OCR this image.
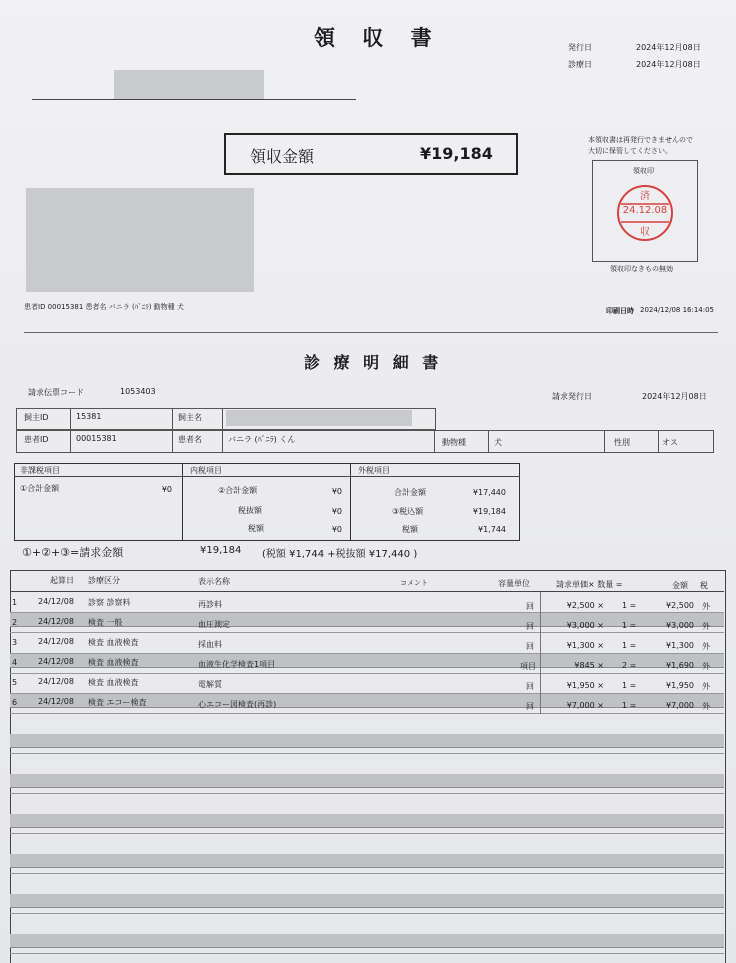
領 収 書	発行日	2024年12月08日
診療日	2024年12月08日
領収金額	¥19,184
本領収書は再発行できませんので
大切に保管してください。
領収印
済
24.12.08
収
領収印なきもの無効
患者ID 00015381 患者名 バニラ (ﾊﾞﾆﾗ) 動物種 犬	印刷日時 2024/12/08 16:14:05
診 療 明 細 書
請求伝票コード	1053403
請求発行日	2024年12月08日
飼主ID	15381	飼主名
患者ID	00015381	患者名	バニラ (ﾊﾞﾆﾗ) くん	動物種	犬	性別	オス
非課税項目
①合計金額	¥0
内税項目
②合計金額	¥0
税抜額	¥0
税額	¥0
外税項目
合計金額	¥17,440
③税込額	¥19,184
税額	¥1,744
①+②+③=請求金額	¥19,184 (税額 ¥1,744 +税抜額 ¥17,440 )
起算日 診療区分	表示名称	コメント	容量単位	請求単価× 数量 =	金額 税
1	24/12/08 診察 診察料	再診料	回	¥2,500 × 1 =	¥2,500 外
2	24/12/08 検査 一般	血圧測定	回	¥3,000 × 1 =	¥3,000 外
3	24/12/08 検査 血液検査	採血料	回	¥1,300 × 1 =	¥1,300 外
4	24/12/08 検査 血液検査	血液生化学検査1項目	項目	¥845 × 2 =	¥1,690 外
5	24/12/08 検査 血液検査	電解質	回	¥1,950 × 1 =	¥1,950 外
6	24/12/08 検査 エコー検査	心エコー図検査(再診)	回	¥7,000 × 1 =	¥7,000 外
